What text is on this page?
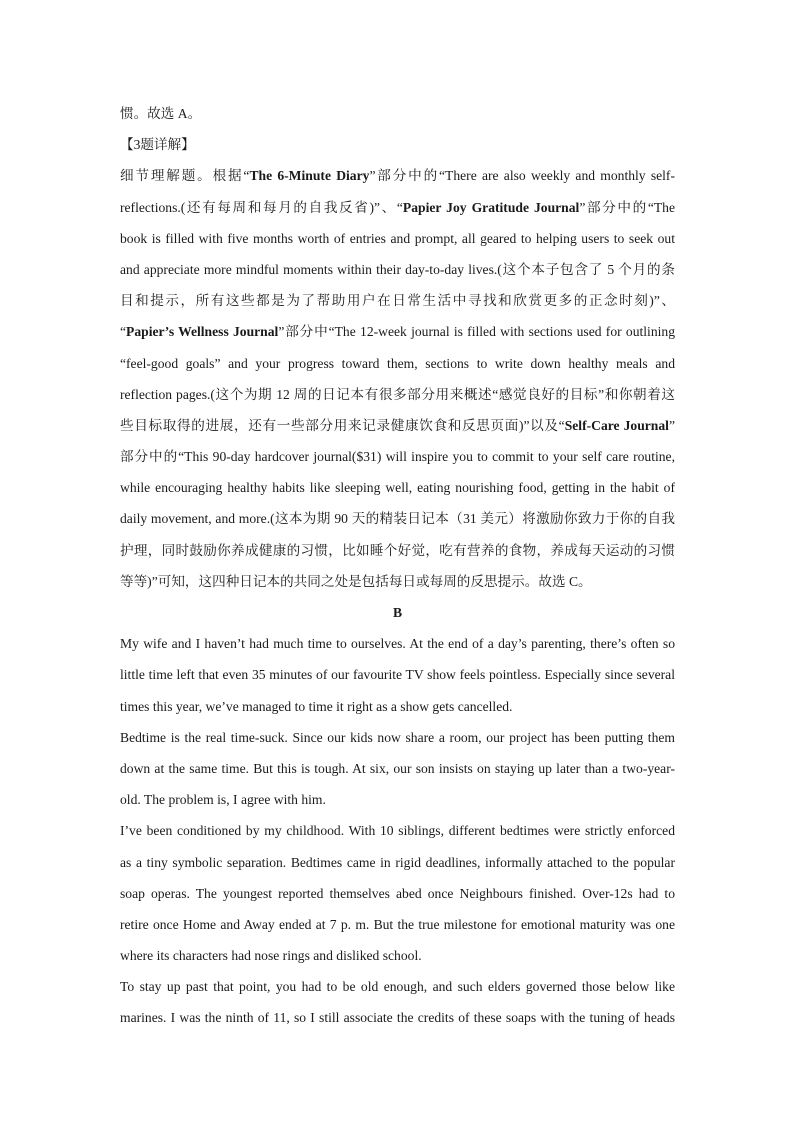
惯。故选 A。
【3题详解】
细节理解题。根据“The 6-Minute Diary”部分中的“There are also weekly and monthly self-
reflections.(还有每周和每月的自我反省)”、“Papier Joy Gratitude Journal”部分中的“The
book is filled with five months worth of entries and prompt, all geared to helping users to seek out
and appreciate more mindful moments within their day-to-day lives.(这个本子包含了 5 个月的条
目和提示，所有这些都是为了帮助用户在日常生活中寻找和欣赏更多的正念时刻)”、
“Papier’s Wellness Journal”部分中“The 12-week journal is filled with sections used for outlining
“feel-good goals” and your progress toward them, sections to write down healthy meals and
reflection pages.(这个为期 12 周的日记本有很多部分用来概述“感觉良好的目标”和你朝着这
些目标取得的进展，还有一些部分用来记录健康饮食和反思页面)”以及“Self-Care Journal”
部分中的“This 90-day hardcover journal($31) will inspire you to commit to your self care routine,
while encouraging healthy habits like sleeping well, eating nourishing food, getting in the habit of
daily movement, and more.(这本为期 90 天的精装日记本（31 美元）将激励你致力于你的自我
护理，同时鼓励你养成健康的习惯，比如睡个好觉，吃有营养的食物，养成每天运动的习惯
等等)”可知，这四种日记本的共同之处是包括每日或每周的反思提示。故选 C。
B
My wife and I haven’t had much time to ourselves. At the end of a day’s parenting, there’s often so
little time left that even 35 minutes of our favourite TV show feels pointless. Especially since several
times this year, we’ve managed to time it right as a show gets cancelled.
Bedtime is the real time-suck. Since our kids now share a room, our project has been putting them
down at the same time. But this is tough. At six, our son insists on staying up later than a two-year-
old. The problem is, I agree with him.
I’ve been conditioned by my childhood. With 10 siblings, different bedtimes were strictly enforced
as a tiny symbolic separation. Bedtimes came in rigid deadlines, informally attached to the popular
soap operas. The youngest reported themselves abed once Neighbours finished. Over-12s had to
retire once Home and Away ended at 7 p. m. But the true milestone for emotional maturity was one
where its characters had nose rings and disliked school.
To stay up past that point, you had to be old enough, and such elders governed those below like
marines. I was the ninth of 11, so I still associate the credits of these soaps with the tuning of heads
